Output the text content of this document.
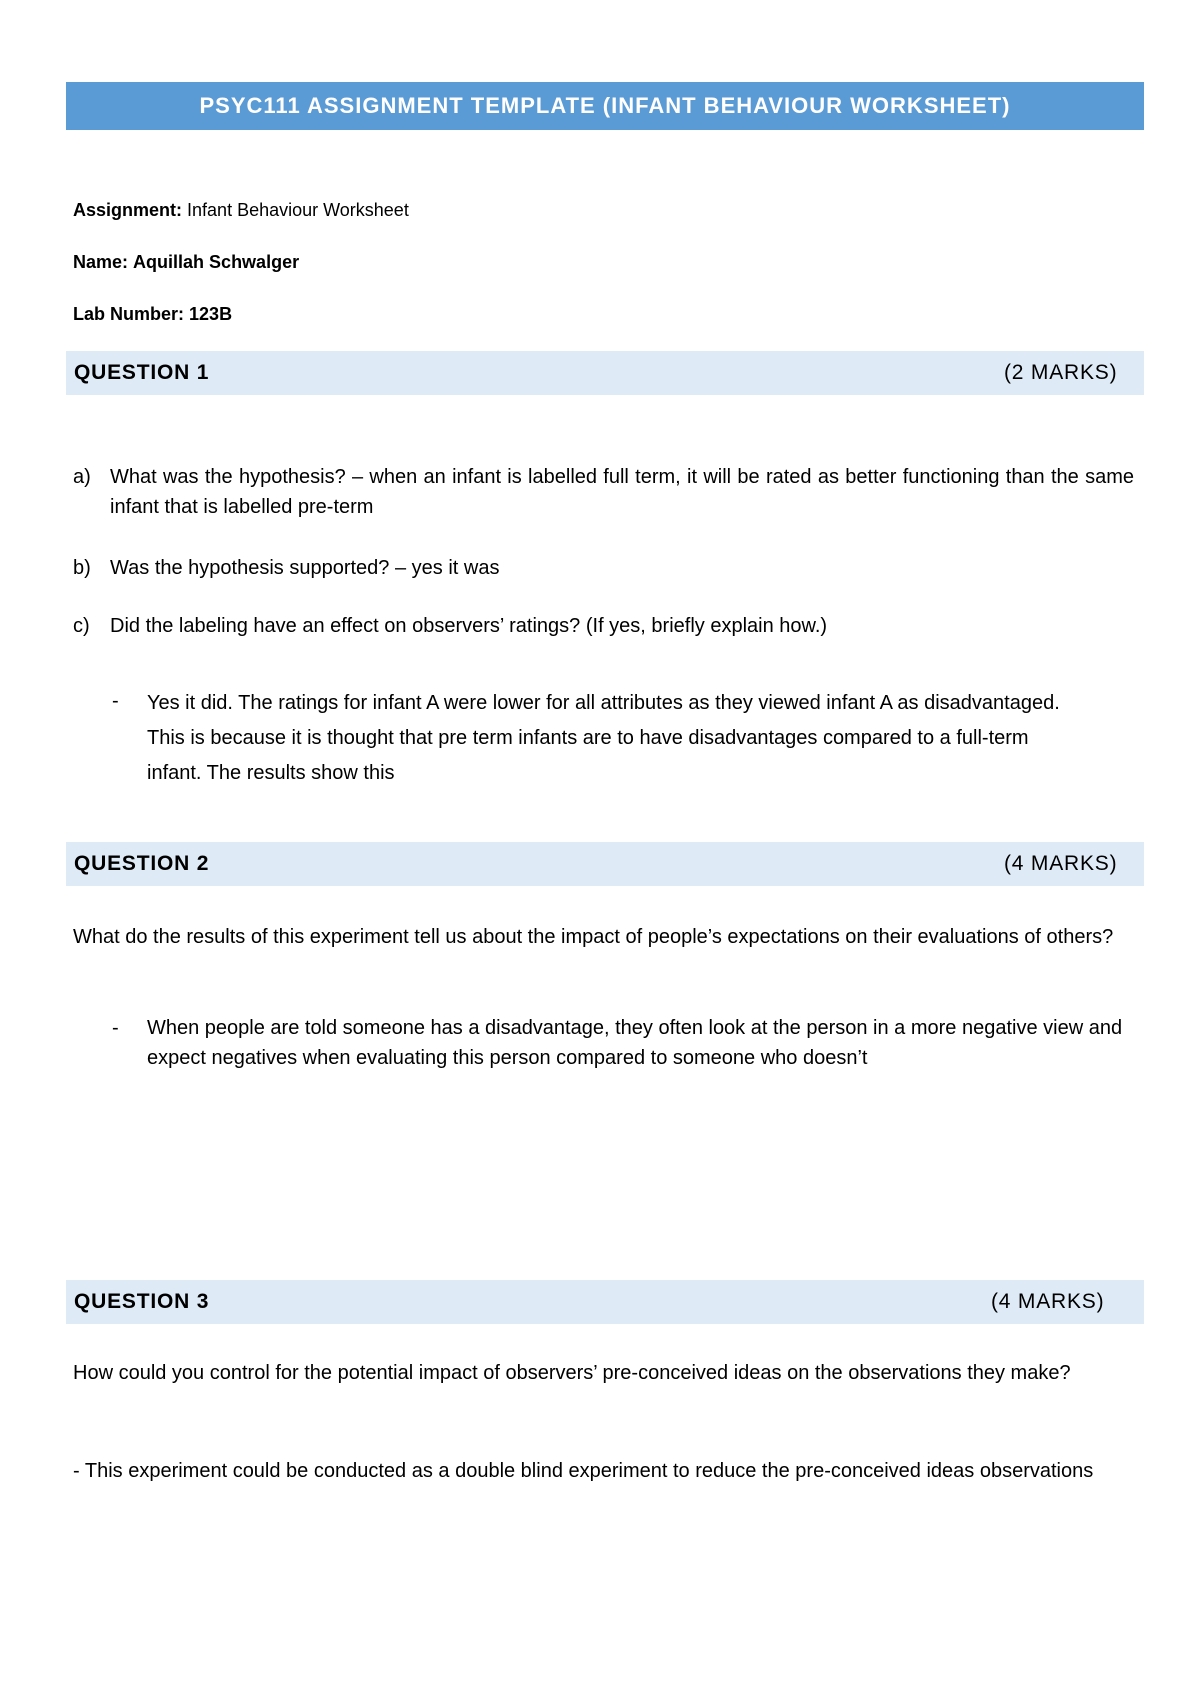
PSYC111 ASSIGNMENT TEMPLATE (INFANT BEHAVIOUR WORKSHEET)
Assignment: Infant Behaviour Worksheet
Name: Aquillah Schwalger
Lab Number: 123B
QUESTION 1	(2 MARKS)
a) What was the hypothesis? – when an infant is labelled full term, it will be rated as better functioning than the same infant that is labelled pre-term
b) Was the hypothesis supported? – yes it was
c) Did the labeling have an effect on observers’ ratings? (If yes, briefly explain how.)
- Yes it did. The ratings for infant A were lower for all attributes as they viewed infant A as disadvantaged. This is because it is thought that pre term infants are to have disadvantages compared to a full-term infant. The results show this
QUESTION 2	(4 MARKS)
What do the results of this experiment tell us about the impact of people’s expectations on their evaluations of others?
- When people are told someone has a disadvantage, they often look at the person in a more negative view and expect negatives when evaluating this person compared to someone who doesn’t
QUESTION 3	(4 MARKS)
How could you control for the potential impact of observers’ pre-conceived ideas on the observations they make?
- This experiment could be conducted as a double blind experiment to reduce the pre-conceived ideas observations
